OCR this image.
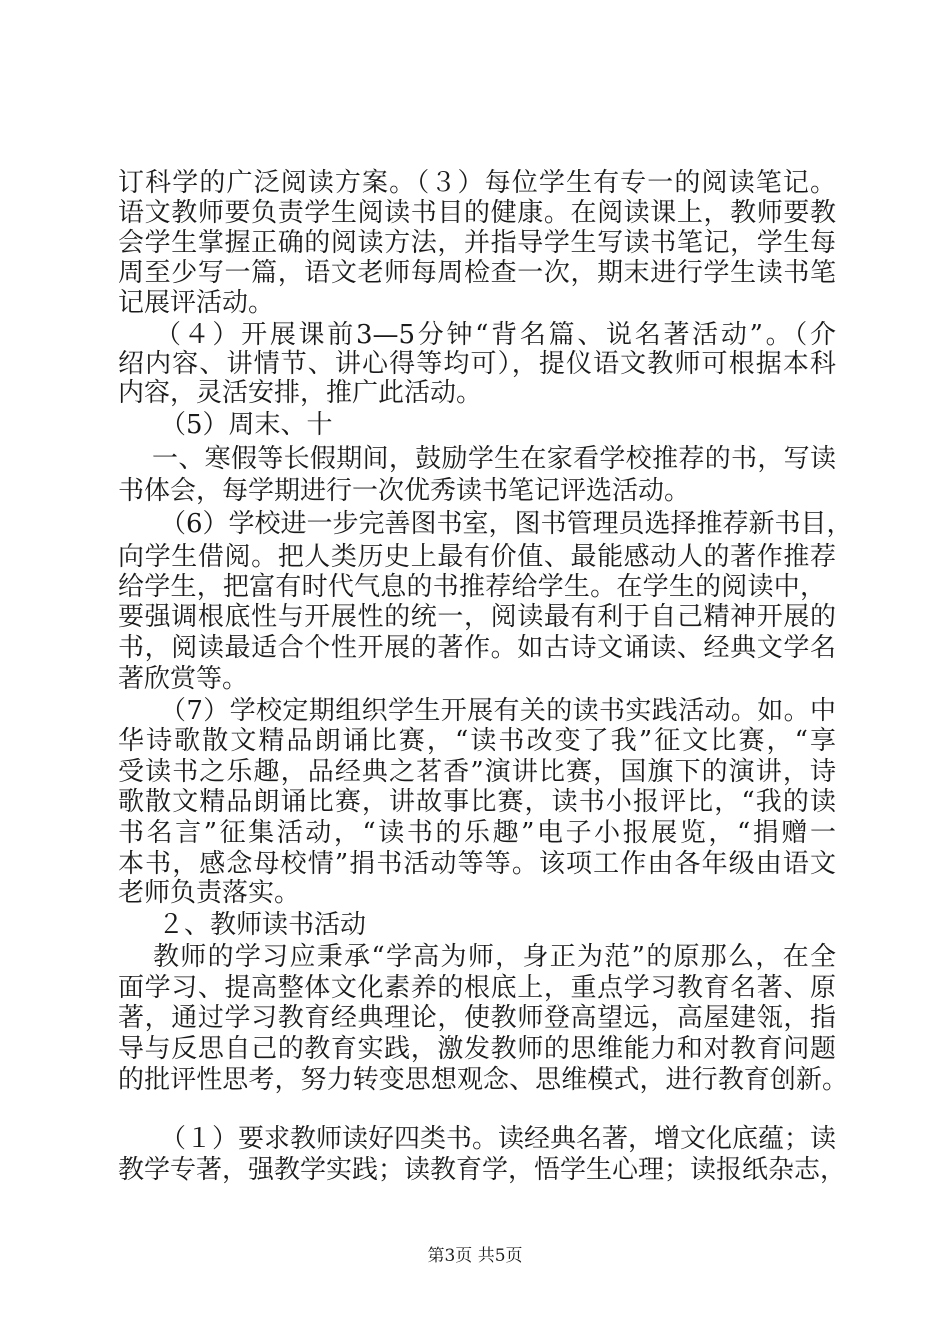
订科学的广泛阅读方案。（３）每位学生有专一的阅读笔记。
语文教师要负责学生阅读书目的健康。在阅读课上，教师要教
会学生掌握正确的阅读方法，并指导学生写读书笔记，学生每
周至少写一篇，语文老师每周检查一次，期末进行学生读书笔
记展评活动。
（４）开展课前3—5分钟“背名篇、说名著活动”。（介
绍内容、讲情节、讲心得等均可），提仪语文教师可根据本科
内容，灵活安排，推广此活动。
（5）周末、十
一、寒假等长假期间，鼓励学生在家看学校推荐的书，写读
书体会，每学期进行一次优秀读书笔记评选活动。
（6）学校进一步完善图书室，图书管理员选择推荐新书目，
向学生借阅。把人类历史上最有价值、最能感动人的著作推荐
给学生，把富有时代气息的书推荐给学生。在学生的阅读中，
要强调根底性与开展性的统一，阅读最有利于自己精神开展的
书，阅读最适合个性开展的著作。如古诗文诵读、经典文学名
著欣赏等。
（7）学校定期组织学生开展有关的读书实践活动。如。中
华诗歌散文精品朗诵比赛，“读书改变了我”征文比赛，“享
受读书之乐趣，品经典之茗香”演讲比赛，国旗下的演讲，诗
歌散文精品朗诵比赛，讲故事比赛，读书小报评比，“我的读
书名言”征集活动，“读书的乐趣”电子小报展览，“捐赠一
本书，感念母校情”捐书活动等等。该项工作由各年级由语文
老师负责落实。
２、教师读书活动
教师的学习应秉承“学高为师，身正为范”的原那么，在全
面学习、提高整体文化素养的根底上，重点学习教育名著、原
著，通过学习教育经典理论，使教师登高望远，高屋建瓴，指
导与反思自己的教育实践，激发教师的思维能力和对教育问题
的批评性思考，努力转变思想观念、思维模式，进行教育创新。
（１）要求教师读好四类书。读经典名著，增文化底蕴；读
教学专著，强教学实践；读教育学，悟学生心理；读报纸杂志，
第3页 共5页
